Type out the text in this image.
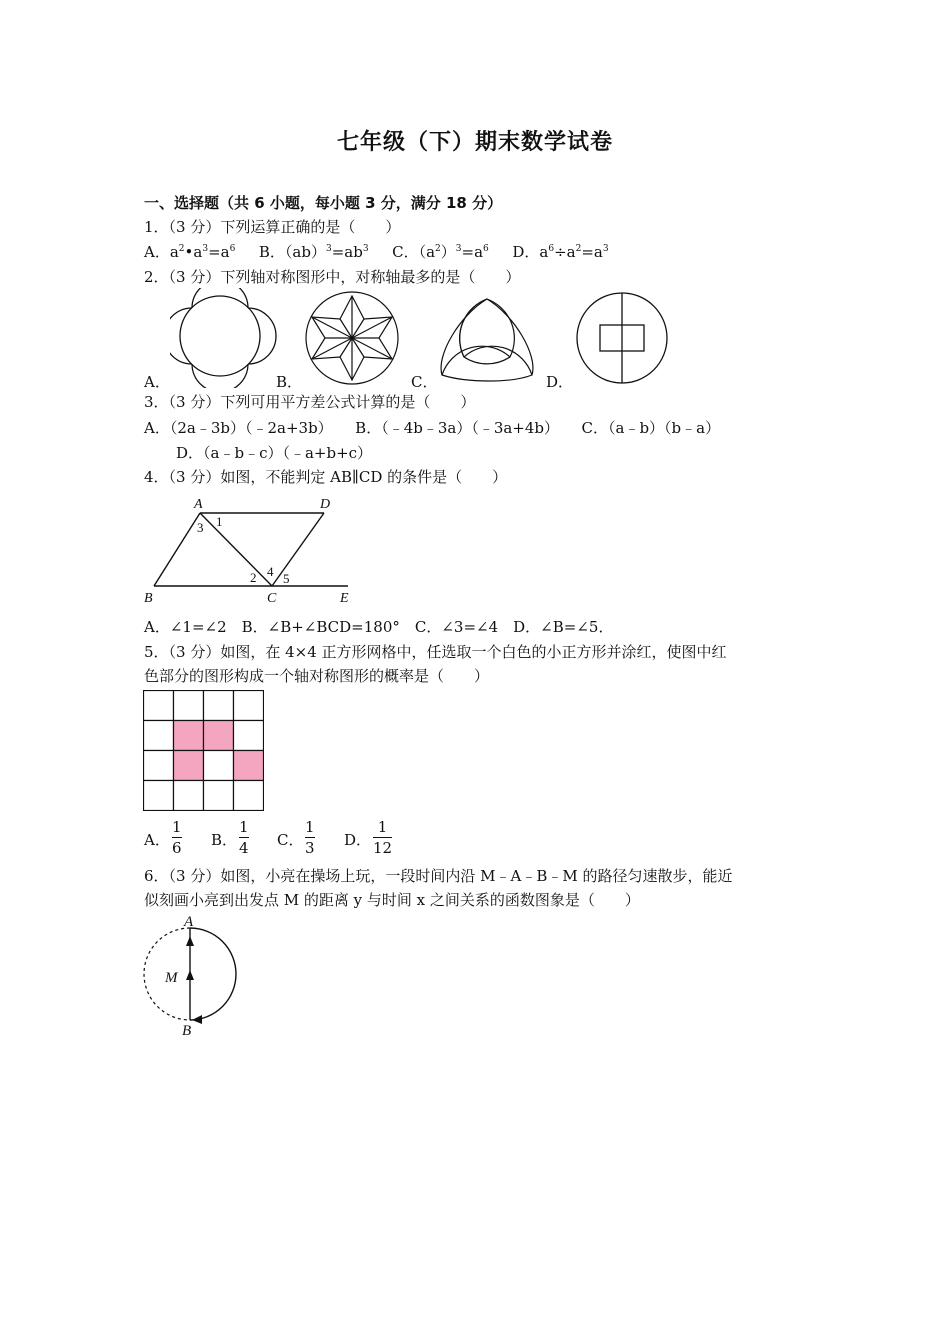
七年级（下）期末数学试卷
一、选择题（共 6 小题，每小题 3 分，满分 18 分）
1．（3 分）下列运算正确的是（　　）
A．$a^2•a^3=a^6$ B．$(ab)^3=ab^3$ C．$(a^2)^3=a^6$ D．$a^6\div a^2=a^3$
2．（3 分）下列轴对称图形中，对称轴最多的是（　　）
A．	B．	C．	D．
3．（3 分）下列可用平方差公式计算的是（　　）
A．（2a﹣3b）（﹣2a+3b）　　B．（﹣4b﹣3a）（﹣3a+4b）　　C．（a﹣b）（b﹣a）
D．（a﹣b﹣c）（﹣a+b+c）
4．（3 分）如图，不能判定 AB∥CD 的条件是（　　）
A	D
B	C	E
1
2
3
4 5
A．∠1=∠2　B．∠B+∠BCD=180°　C．∠3=∠4　D．∠B=∠5．
5．（3 分）如图，在 4×4 正方形网格中，任选取一个白色的小正方形并涂红，使图中红
色部分的图形构成一个轴对称图形的概率是（　　）
A．
1
6 B．
1
4 C．
1
3 D．
1
12
6．（3 分）如图，小亮在操场上玩，一段时间内沿 M﹣A﹣B﹣M 的路径匀速散步，能近
似刻画小亮到出发点 M 的距离 y 与时间 x 之间关系的函数图象是（　　）
A
M
B
